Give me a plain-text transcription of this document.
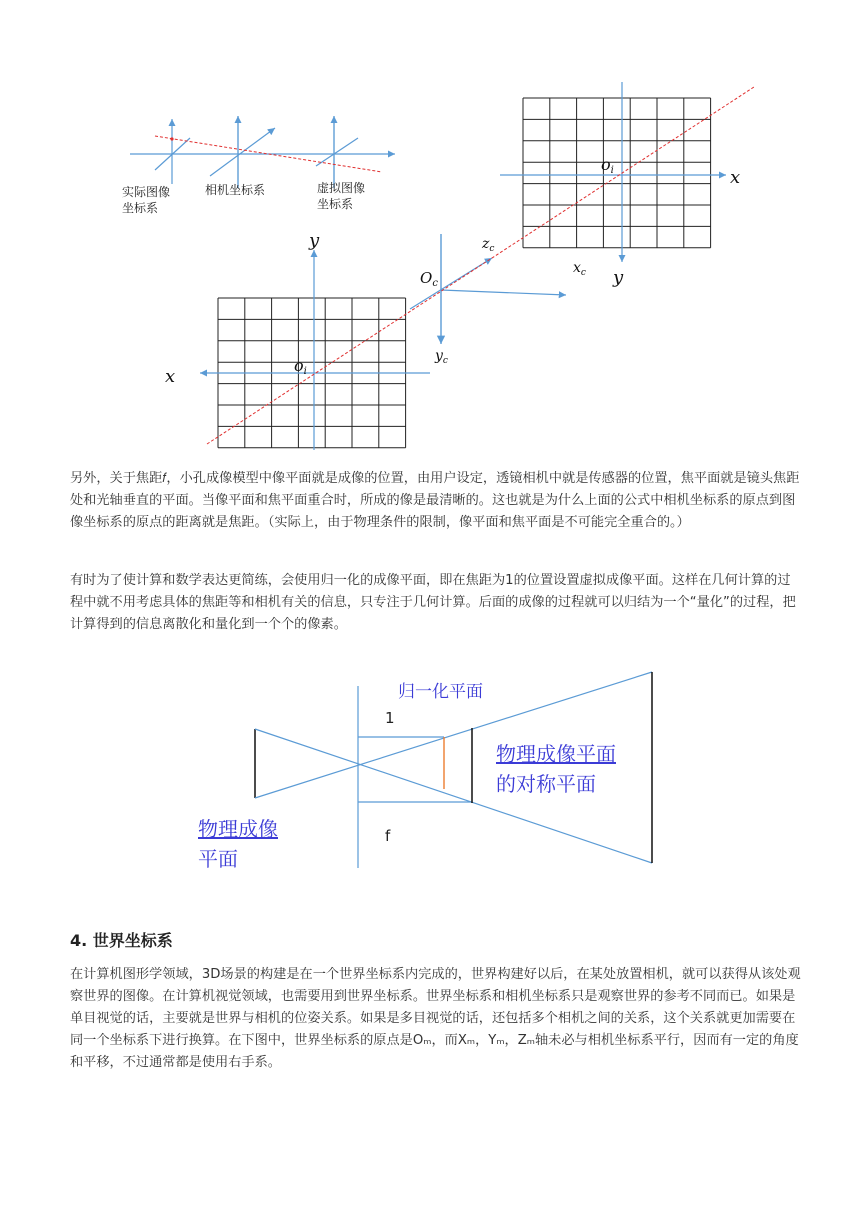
实际图像
坐标系
相机坐标系	虚拟图像
坐标系
y
x
oi
$O_c$
$z_c$
$y_c$
$x_c$
x
y
oi
另外，关于焦距𝑓，小孔成像模型中像平面就是成像的位置，由用户设定，透镜相机中就是传感器的位置，焦平面就是镜头焦距处和光轴垂直的平面。当像平面和焦平面重合时，所成的像是最清晰的。这也就是为什么上面的公式中相机坐标系的原点到图像坐标系的原点的距离就是焦距。（实际上，由于物理条件的限制，像平面和焦平面是不可能完全重合的。）
有时为了使计算和数学表达更简练，会使用归一化的成像平面，即在焦距为1的位置设置虚拟成像平面。这样在几何计算的过程中就不用考虑具体的焦距等和相机有关的信息，只专注于几何计算。后面的成像的过程就可以归结为一个“量化”的过程，把计算得到的信息离散化和量化到一个个的像素。
归一化平面
1
f
物理成像平面
的对称平面
物理成像
平面
4. 世界坐标系
在计算机图形学领域，3D场景的构建是在一个世界坐标系内完成的，世界构建好以后，在某处放置相机，就可以获得从该处观察世界的图像。在计算机视觉领域，也需要用到世界坐标系。世界坐标系和相机坐标系只是观察世界的参考不同而已。如果是单目视觉的话，主要就是世界与相机的位姿关系。如果是多目视觉的话，还包括多个相机之间的关系，这个关系就更加需要在同一个坐标系下进行换算。在下图中，世界坐标系的原点是Oₘ，而Xₘ，Yₘ，Zₘ轴未必与相机坐标系平行，因而有一定的角度和平移，不过通常都是使用右手系。
